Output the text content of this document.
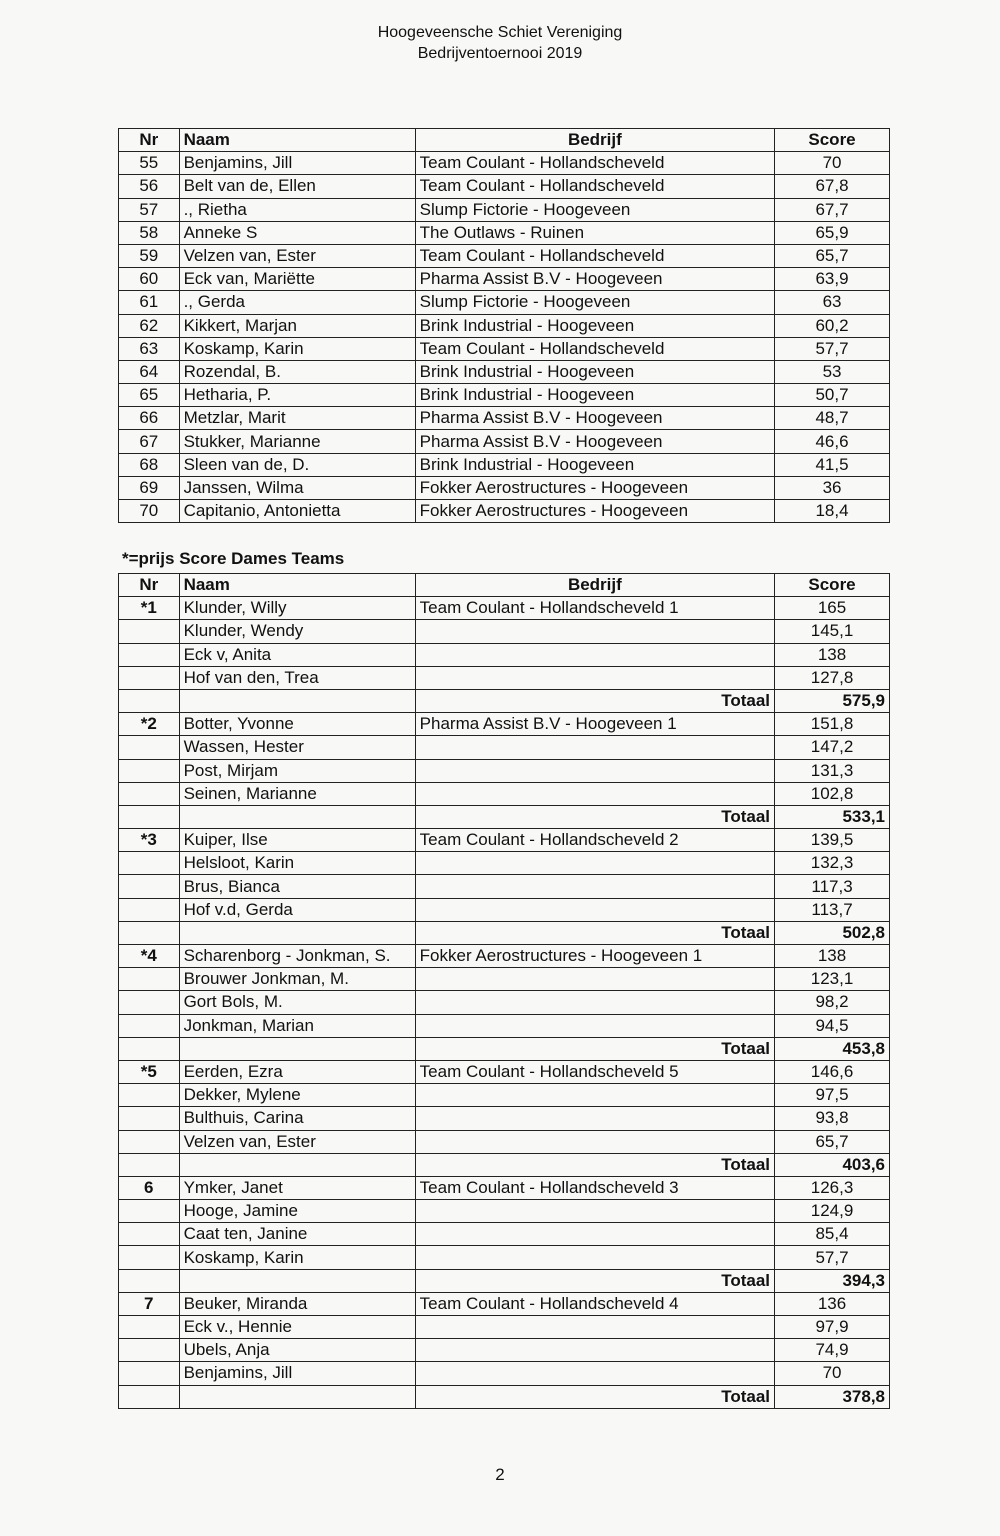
Hoogeveensche Schiet Vereniging
Bedrijventoernooi 2019
Nr	Naam	Bedrijf	Score
55	Benjamins, Jill	Team Coulant - Hollandscheveld	70
56	Belt van de, Ellen	Team Coulant - Hollandscheveld	67,8
57	., Rietha	Slump Fictorie - Hoogeveen	67,7
58	Anneke S	The Outlaws - Ruinen	65,9
59	Velzen van, Ester	Team Coulant - Hollandscheveld	65,7
60	Eck van, Mariëtte	Pharma Assist B.V - Hoogeveen	63,9
61	., Gerda	Slump Fictorie - Hoogeveen	63
62	Kikkert, Marjan	Brink Industrial - Hoogeveen	60,2
63	Koskamp, Karin	Team Coulant - Hollandscheveld	57,7
64	Rozendal, B.	Brink Industrial - Hoogeveen	53
65	Hetharia, P.	Brink Industrial - Hoogeveen	50,7
66	Metzlar, Marit	Pharma Assist B.V - Hoogeveen	48,7
67	Stukker, Marianne	Pharma Assist B.V - Hoogeveen	46,6
68	Sleen van de, D.	Brink Industrial - Hoogeveen	41,5
69	Janssen, Wilma	Fokker Aerostructures - Hoogeveen	36
70	Capitanio, Antonietta	Fokker Aerostructures - Hoogeveen	18,4
*=prijs Score Dames Teams
Nr	Naam	Bedrijf	Score
*1	Klunder, Willy	Team Coulant - Hollandscheveld 1	165
	Klunder, Wendy		145,1
	Eck v, Anita		138
	Hof van den, Trea		127,8
		Totaal	575,9
*2	Botter, Yvonne	Pharma Assist B.V - Hoogeveen 1	151,8
	Wassen, Hester		147,2
	Post, Mirjam		131,3
	Seinen, Marianne		102,8
		Totaal	533,1
*3	Kuiper, Ilse	Team Coulant - Hollandscheveld 2	139,5
	Helsloot, Karin		132,3
	Brus, Bianca		117,3
	Hof v.d, Gerda		113,7
		Totaal	502,8
*4	Scharenborg - Jonkman, S.	Fokker Aerostructures - Hoogeveen 1	138
	Brouwer Jonkman, M.		123,1
	Gort Bols, M.		98,2
	Jonkman, Marian		94,5
		Totaal	453,8
*5	Eerden, Ezra	Team Coulant - Hollandscheveld 5	146,6
	Dekker, Mylene		97,5
	Bulthuis, Carina		93,8
	Velzen van, Ester		65,7
		Totaal	403,6
6	Ymker, Janet	Team Coulant - Hollandscheveld 3	126,3
	Hooge, Jamine		124,9
	Caat ten, Janine		85,4
	Koskamp, Karin		57,7
		Totaal	394,3
7	Beuker, Miranda	Team Coulant - Hollandscheveld 4	136
	Eck v., Hennie		97,9
	Ubels, Anja		74,9
	Benjamins, Jill		70
		Totaal	378,8
2
